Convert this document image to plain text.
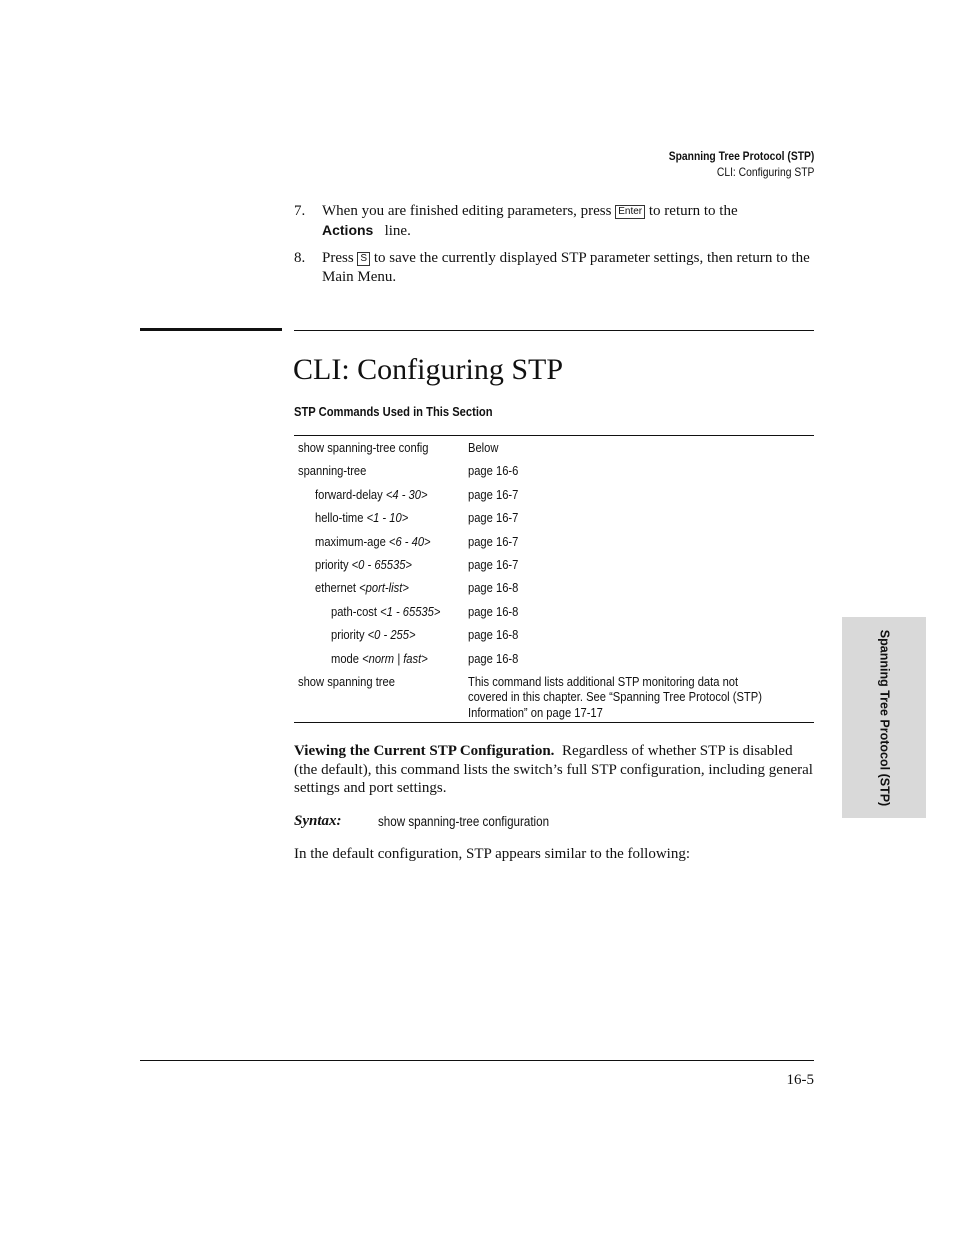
Spanning Tree Protocol (STP)
CLI: Configuring STP
7. When you are finished editing parameters, press Enter to return to the
Actions line.
8. Press S to save the currently displayed STP parameter settings, then return to the Main Menu.
CLI: Configuring STP
STP Commands Used in This Section
show spanning-tree config	Below
spanning-tree	page 16-6
forward-delay <4 - 30>	page 16-7
hello-time <1 - 10>	page 16-7
maximum-age <6 - 40>	page 16-7
priority <0 - 65535>	page 16-7
ethernet <port-list>	page 16-8
path-cost <1 - 65535>	page 16-8
priority <0 - 255>	page 16-8
mode <norm | fast>	page 16-8
show spanning tree	This command lists additional STP monitoring data not
covered in this chapter. See “Spanning Tree Protocol (STP)
Information” on page 17-17

Viewing the Current STP Configuration. Regardless of whether STP is disabled (the default), this command lists the switch’s full STP configuration, including general settings and port settings.

Syntax:	show spanning-tree configuration

In the default configuration, STP appears similar to the following:

Spanning Tree Protocol (STP)
16-5
